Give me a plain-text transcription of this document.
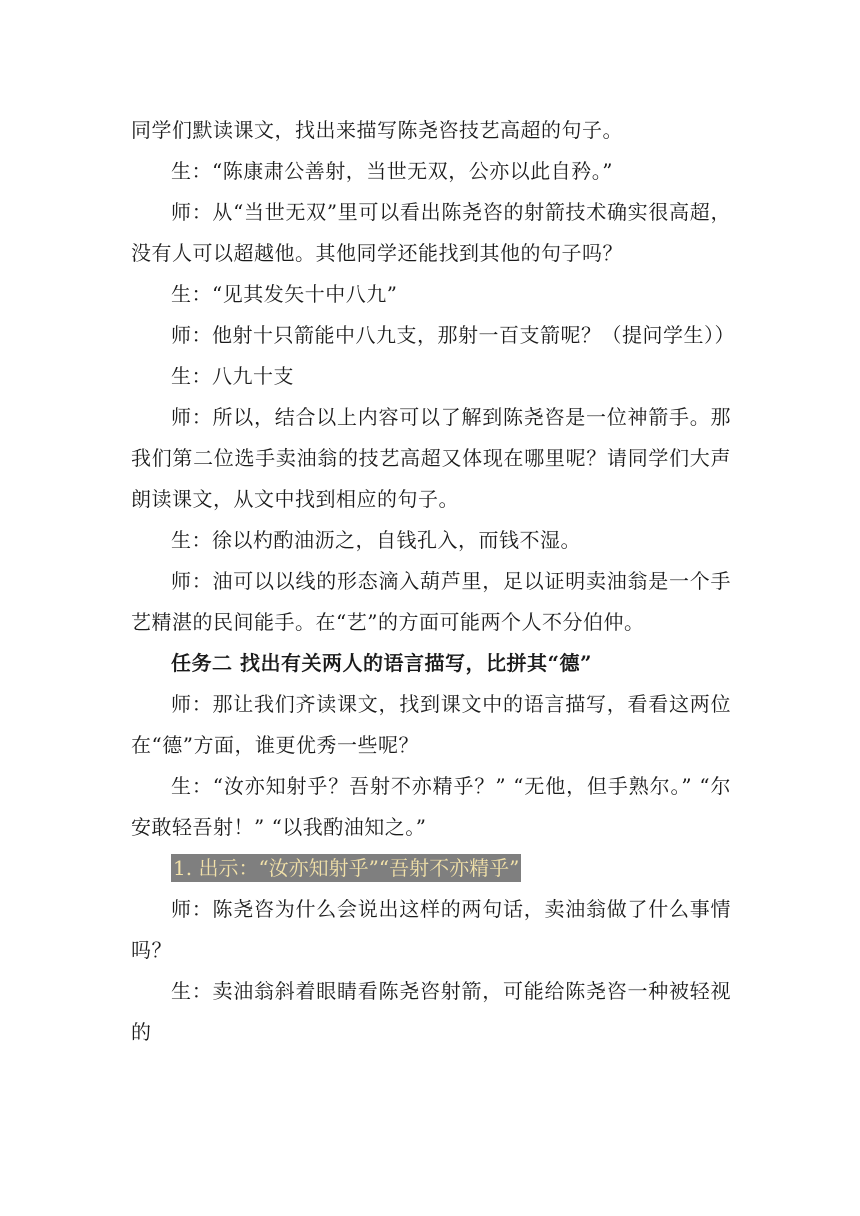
同学们默读课文，找出来描写陈尧咨技艺高超的句子。

生：“陈康肃公善射，当世无双，公亦以此自矜。”

师：从“当世无双”里可以看出陈尧咨的射箭技术确实很高超，没有人可以超越他。其他同学还能找到其他的句子吗？

生：“见其发矢十中八九”

师：他射十只箭能中八九支，那射一百支箭呢？（提问学生））

生：八九十支

师：所以，结合以上内容可以了解到陈尧咨是一位神箭手。那我们第二位选手卖油翁的技艺高超又体现在哪里呢？请同学们大声朗读课文，从文中找到相应的句子。

生：徐以杓酌油沥之，自钱孔入，而钱不湿。

师：油可以以线的形态滴入葫芦里，足以证明卖油翁是一个手艺精湛的民间能手。在“艺”的方面可能两个人不分伯仲。

任务二 找出有关两人的语言描写，比拼其“德”

师：那让我们齐读课文，找到课文中的语言描写，看看这两位在“德”方面，谁更优秀一些呢？

生：“汝亦知射乎？吾射不亦精乎？” “无他，但手熟尔。” “尔安敢轻吾射！” “以我酌油知之。”

1. 出示：“汝亦知射乎”“吾射不亦精乎”

师：陈尧咨为什么会说出这样的两句话，卖油翁做了什么事情吗？

生：卖油翁斜着眼睛看陈尧咨射箭，可能给陈尧咨一种被轻视的
